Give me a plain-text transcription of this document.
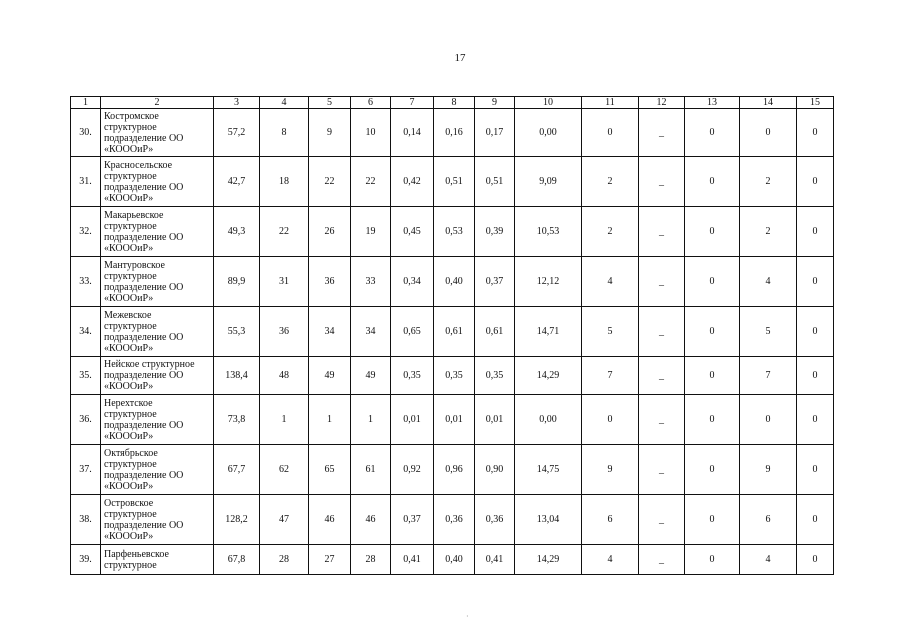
17
1	2	3	4	5	6	7	8	9	10	11	12	13	14	15
30.	Костромское
структурное
подразделение ОО
«КОООиР»	57,2	8	9	10	0,14	0,16	0,17	0,00	0	_	0	0	0
31.	Красносельское
структурное
подразделение ОО
«КОООиР»	42,7	18	22	22	0,42	0,51	0,51	9,09	2	_	0	2	0
32.	Макарьевское
структурное
подразделение ОО
«КОООиР»	49,3	22	26	19	0,45	0,53	0,39	10,53	2	_	0	2	0
33.	Мантуровское
структурное
подразделение ОО
«КОООиР»	89,9	31	36	33	0,34	0,40	0,37	12,12	4	_	0	4	0
34.	Межевское
структурное
подразделение ОО
«КОООиР»	55,3	36	34	34	0,65	0,61	0,61	14,71	5	_	0	5	0
35.	Нейское структурное
подразделение ОО
«КОООиР»	138,4	48	49	49	0,35	0,35	0,35	14,29	7	_	0	7	0
36.	Нерехтское
структурное
подразделение ОО
«КОООиР»	73,8	1	1	1	0,01	0,01	0,01	0,00	0	_	0	0	0
37.	Октябрьское
структурное
подразделение ОО
«КОООиР»	67,7	62	65	61	0,92	0,96	0,90	14,75	9	_	0	9	0
38.	Островское
структурное
подразделение ОО
«КОООиР»	128,2	47	46	46	0,37	0,36	0,36	13,04	6	_	0	6	0
39.	Парфеньевское
структурное	67,8	28	27	28	0,41	0,40	0,41	14,29	4	_	0	4	0
·
